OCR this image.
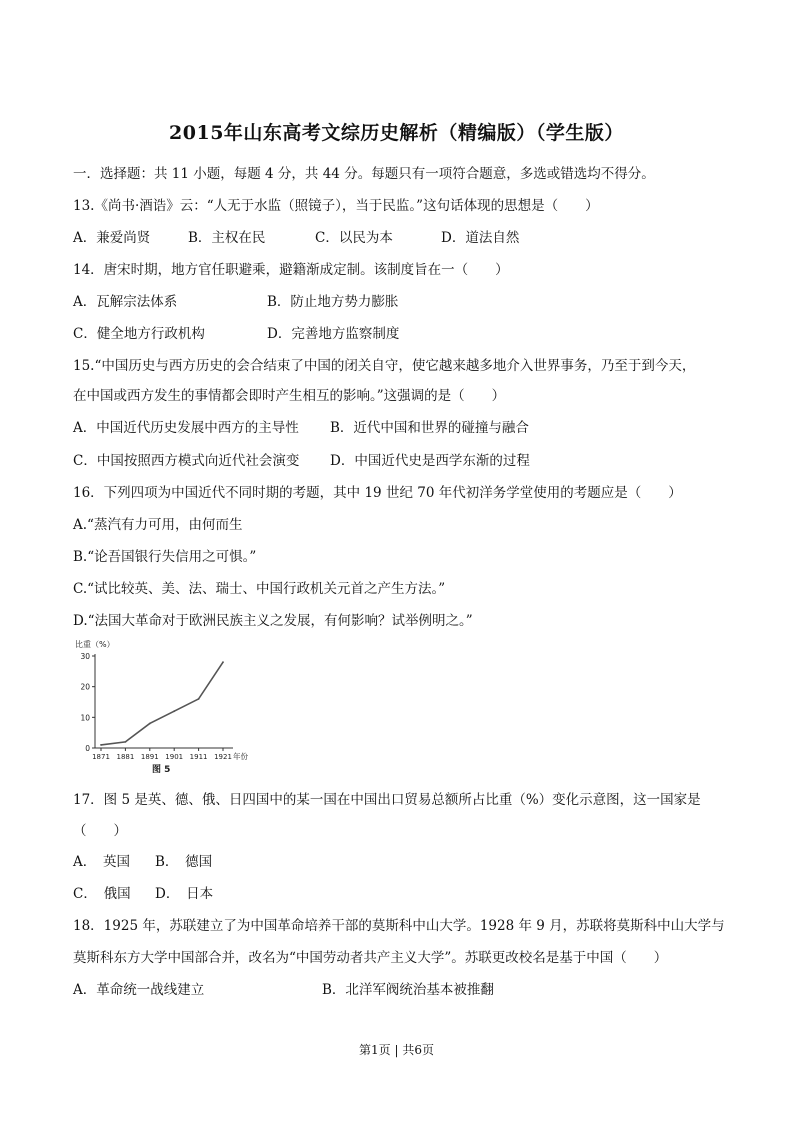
2015年山东高考文综历史解析（精编版）（学生版）
一．选择题：共 11 小题，每题 4 分，共 44 分。每题只有一项符合题意，多选或错选均不得分。
13.《尚书·酒诰》云：“人无于水监（照镜子），当于民监。”这句话体现的思想是（　　）
A．兼爱尚贤	B．主权在民	C．以民为本	D．道法自然
14．唐宋时期，地方官任职避乘，避籍渐成定制。该制度旨在一（　　）
A．瓦解宗法体系	B．防止地方势力膨胀
C．健全地方行政机构	D．完善地方监察制度
15.“中国历史与西方历史的会合结束了中国的闭关自守，使它越来越多地介入世界事务，乃至于到今天，
在中国或西方发生的事情都会即时产生相互的影响。”这强调的是（　　）
A．中国近代历史发展中西方的主导性 B．近代中国和世界的碰撞与融合
C．中国按照西方模式向近代社会演变 D．中国近代史是西学东渐的过程
16．下列四项为中国近代不同时期的考题，其中 19 世纪 70 年代初洋务学堂使用的考题应是（　　）
A.“蒸汽有力可用，由何而生
B.“论吾国银行失信用之可惧。”
C.“试比较英、美、法、瑞士、中国行政机关元首之产生方法。”
D.“法国大革命对于欧洲民族主义之发展，有何影响？试举例明之。”
比重（%）
0
10
20
30
1871 1881 1891 1901 1911 1921 年份
图 5
17．图 5 是英、德、俄、日四国中的某一国在中国出口贸易总额所占比重（%）变化示意图，这一国家是
（　　）
A．　英国 B．　德国
C．　俄国 D．　日本
18．1925 年，苏联建立了为中国革命培养干部的莫斯科中山大学。1928 年 9 月，苏联将莫斯科中山大学与
莫斯科东方大学中国部合并，改名为“中国劳动者共产主义大学”。苏联更改校名是基于中国（　　）
A．革命统一战线建立	B．北洋军阀统治基本被推翻
第1页 | 共6页
